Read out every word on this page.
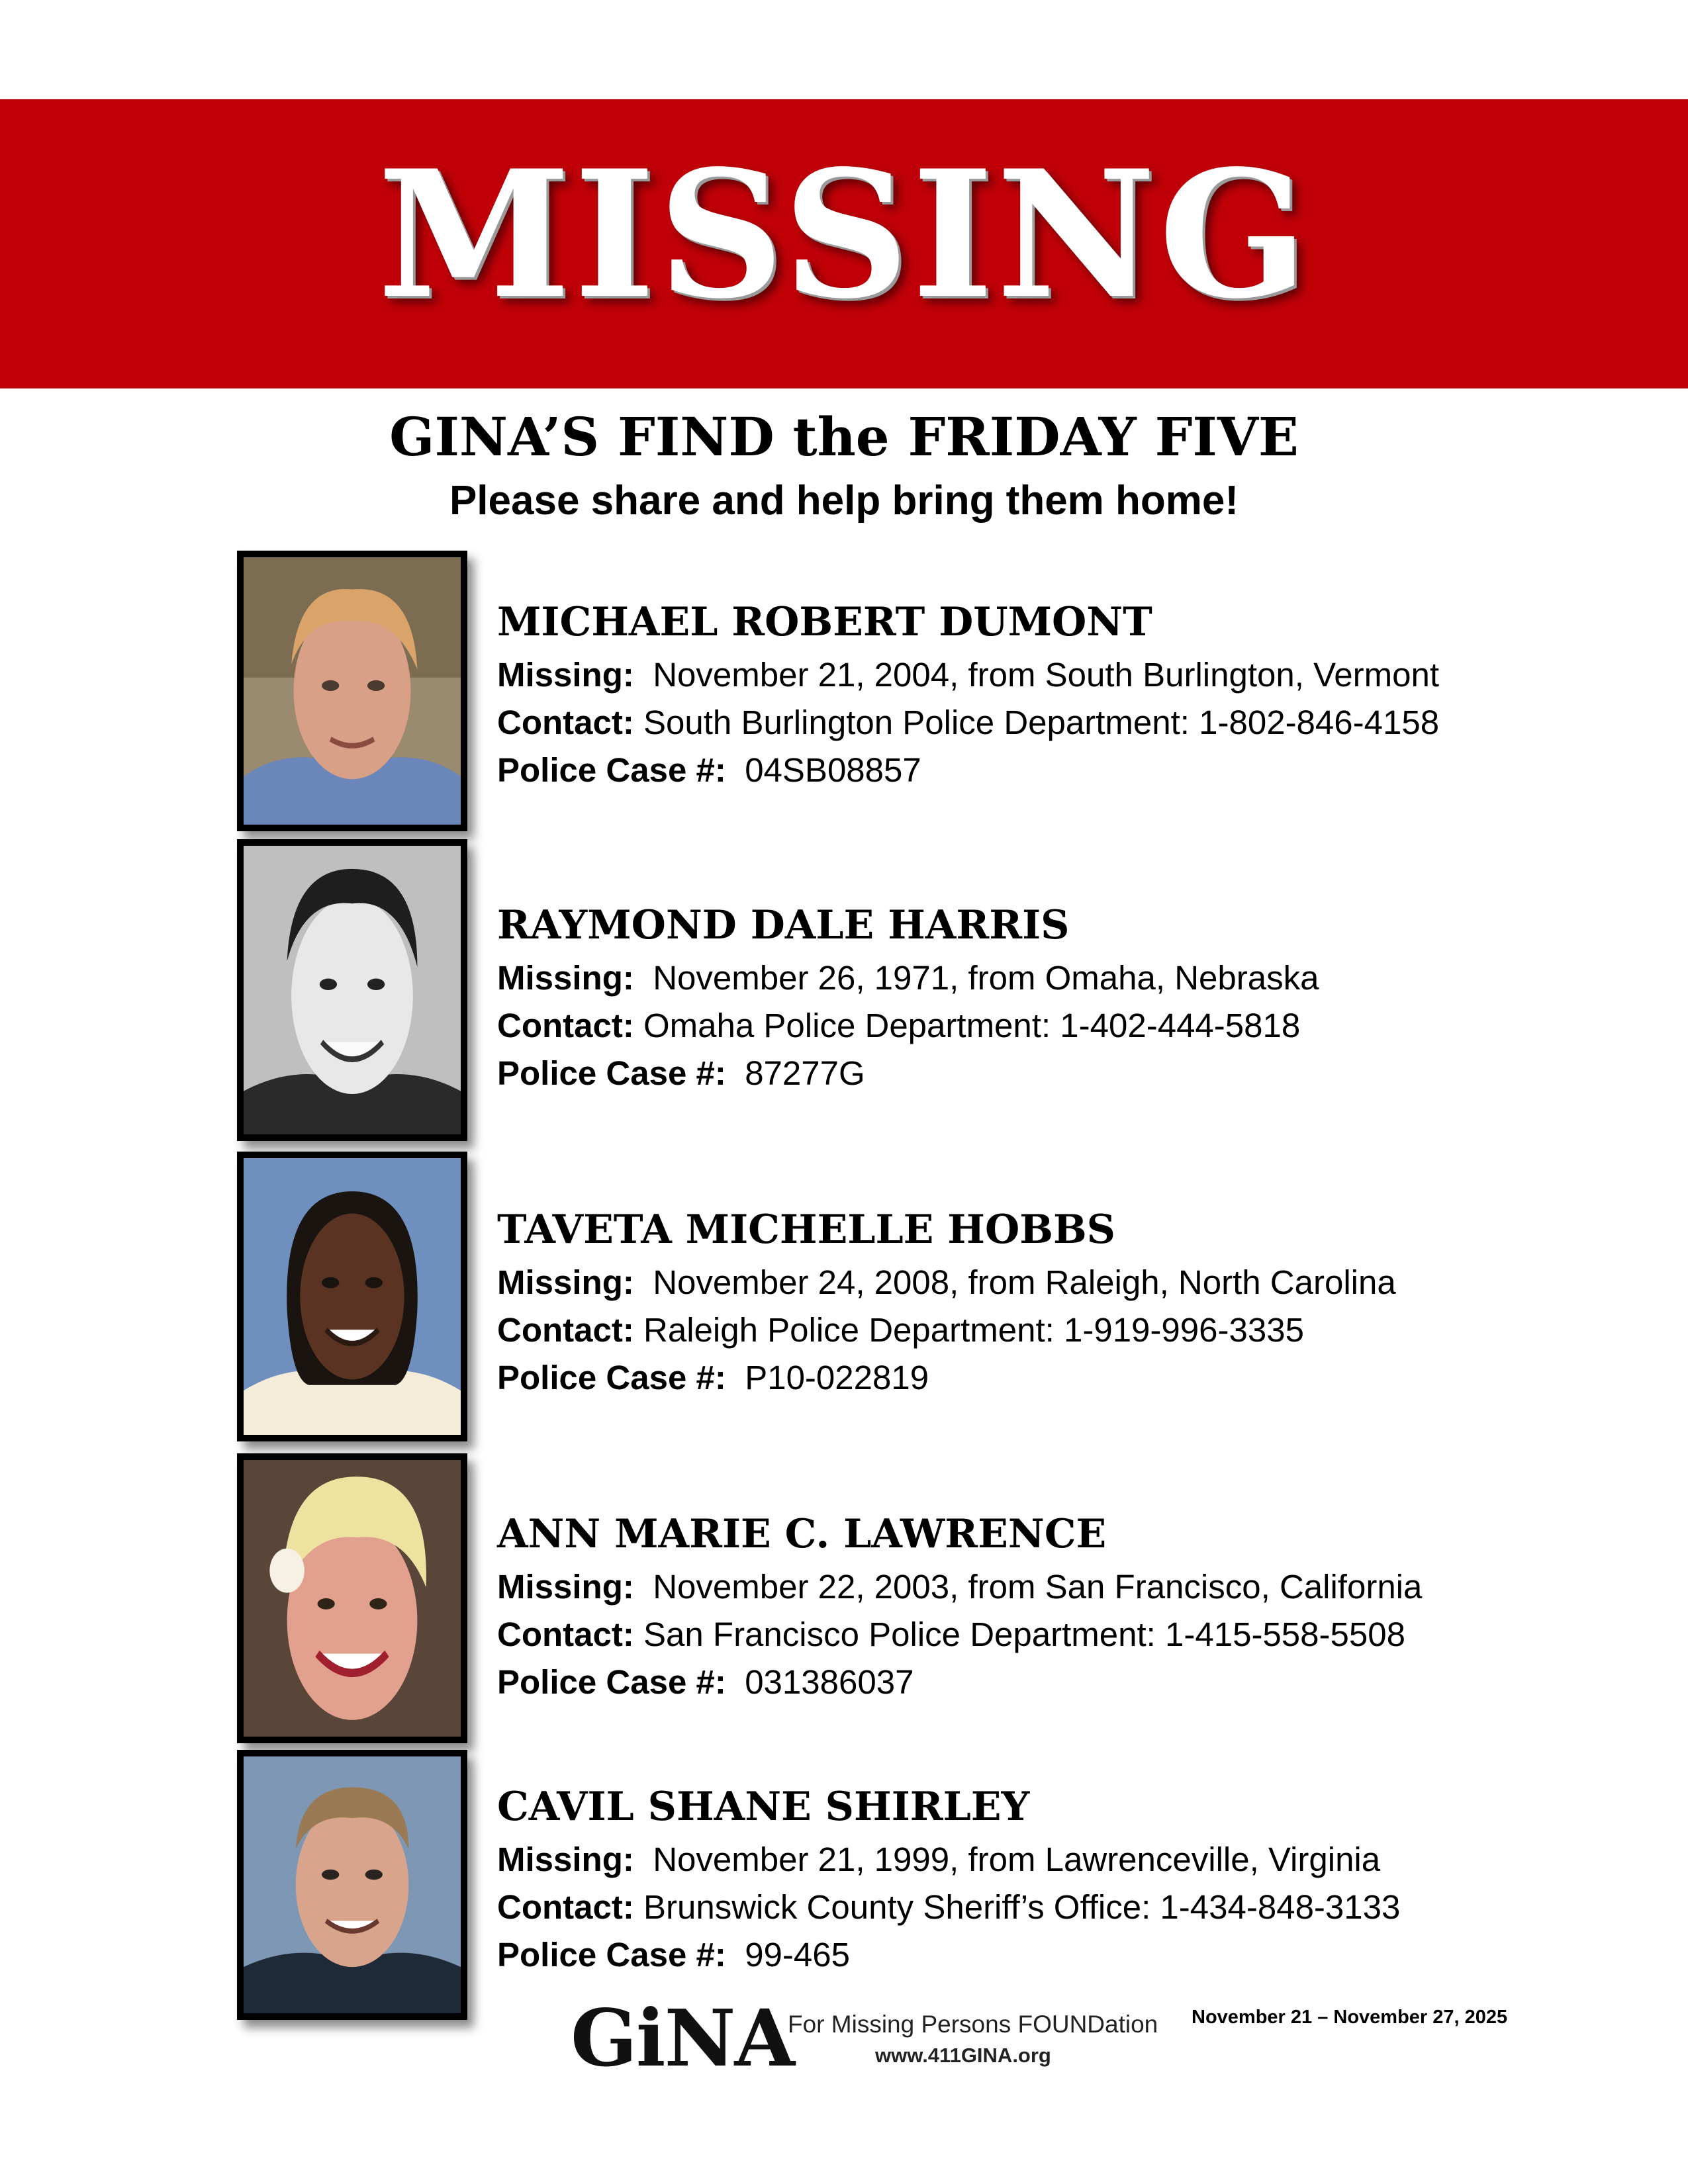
MISSING
GINA’S FIND the FRIDAY FIVE
Please share and help bring them home!
MICHAEL ROBERT DUMONT
Missing: November 21, 2004, from South Burlington, Vermont
Contact: South Burlington Police Department: 1-802-846-4158
Police Case #: 04SB08857
RAYMOND DALE HARRIS
Missing: November 26, 1971, from Omaha, Nebraska
Contact: Omaha Police Department: 1-402-444-5818
Police Case #: 87277G
TAVETA MICHELLE HOBBS
Missing: November 24, 2008, from Raleigh, North Carolina
Contact: Raleigh Police Department: 1-919-996-3335
Police Case #: P10-022819
ANN MARIE C. LAWRENCE
Missing: November 22, 2003, from San Francisco, California
Contact: San Francisco Police Department: 1-415-558-5508
Police Case #: 031386037
CAVIL SHANE SHIRLEY
Missing: November 21, 1999, from Lawrenceville, Virginia
Contact: Brunswick County Sheriff’s Office: 1-434-848-3133
Police Case #: 99-465
GiNA
For Missing Persons FOUNDation
www.411GINA.org
November 21 – November 27, 2025
